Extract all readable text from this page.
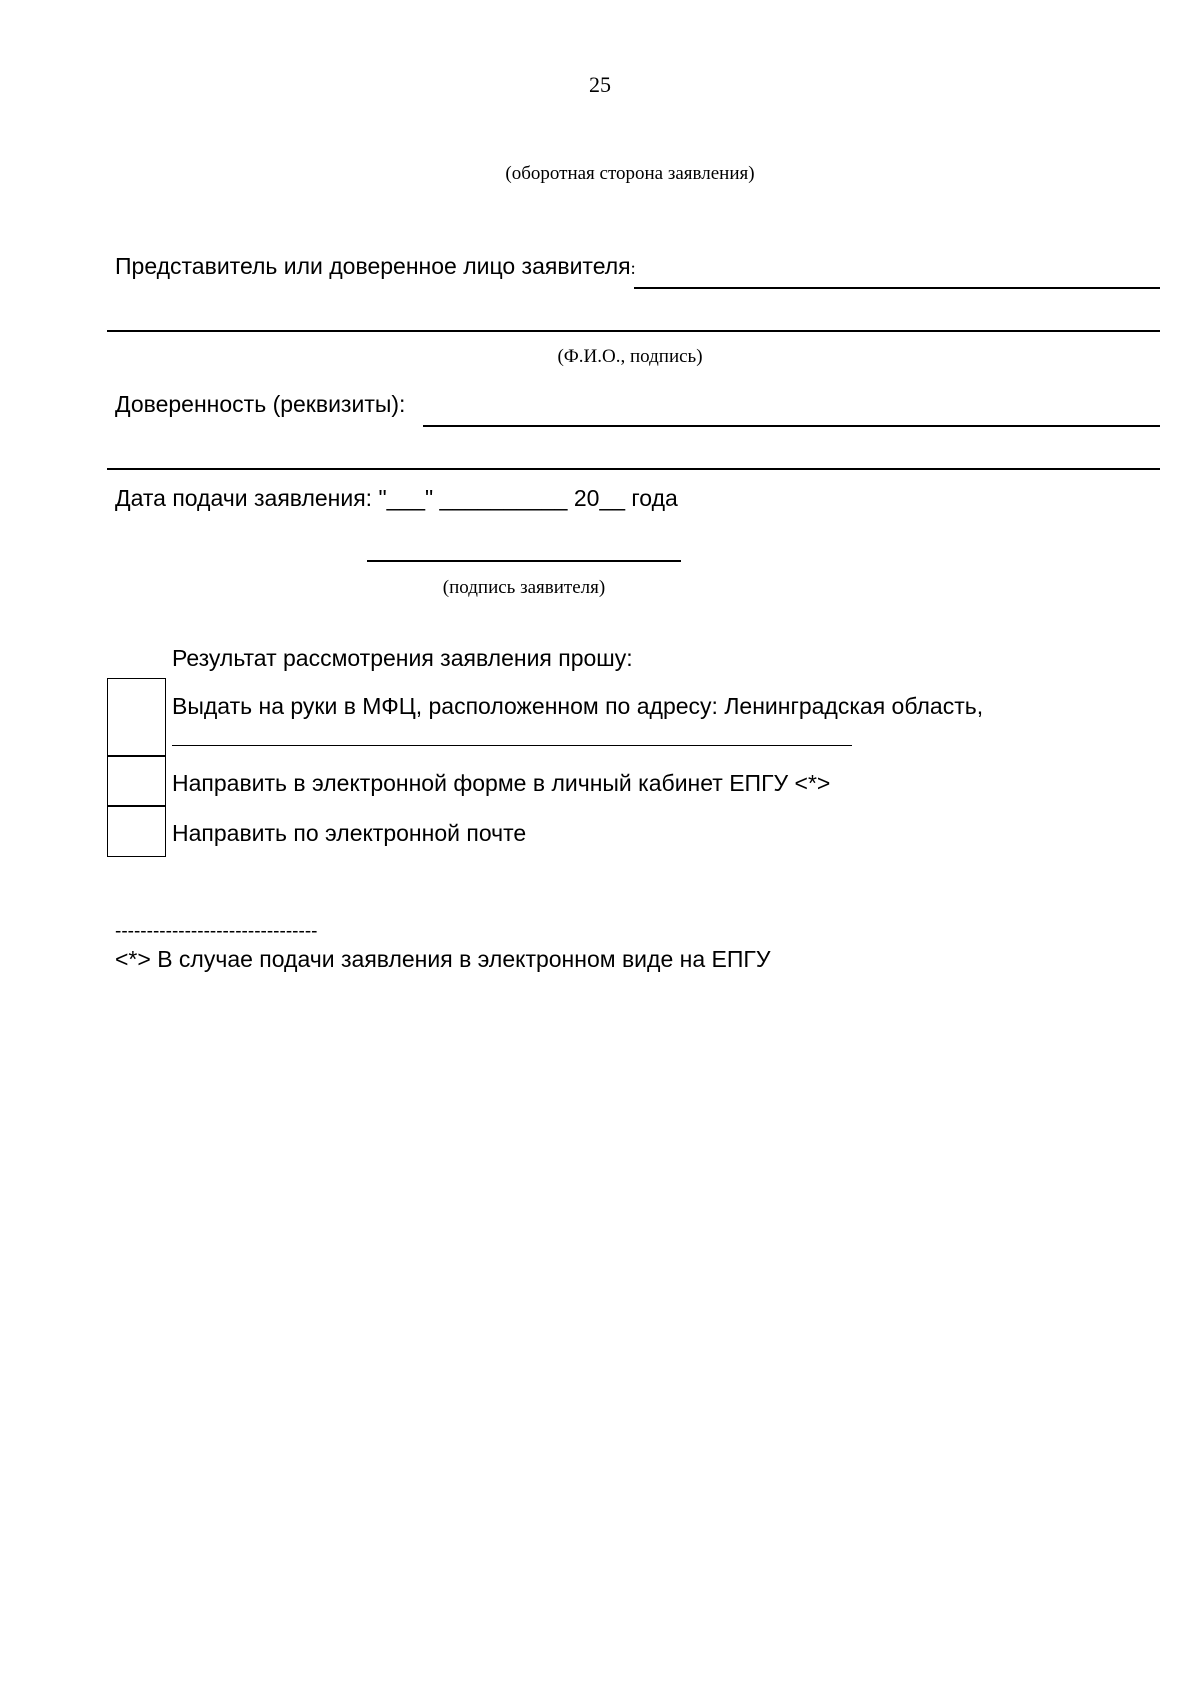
25
(оборотная сторона заявления)
Представитель или доверенное лицо заявителя:
(Ф.И.О., подпись)
Доверенность (реквизиты):
Дата подачи заявления: "___" __________ 20__ года
(подпись заявителя)
Результат рассмотрения заявления прошу:
Выдать на руки в МФЦ, расположенном по адресу: Ленинградская область,
Направить в электронной форме в личный кабинет ЕПГУ <*>
Направить по электронной почте
--------------------------------
<*> В случае подачи заявления в электронном виде на ЕПГУ
